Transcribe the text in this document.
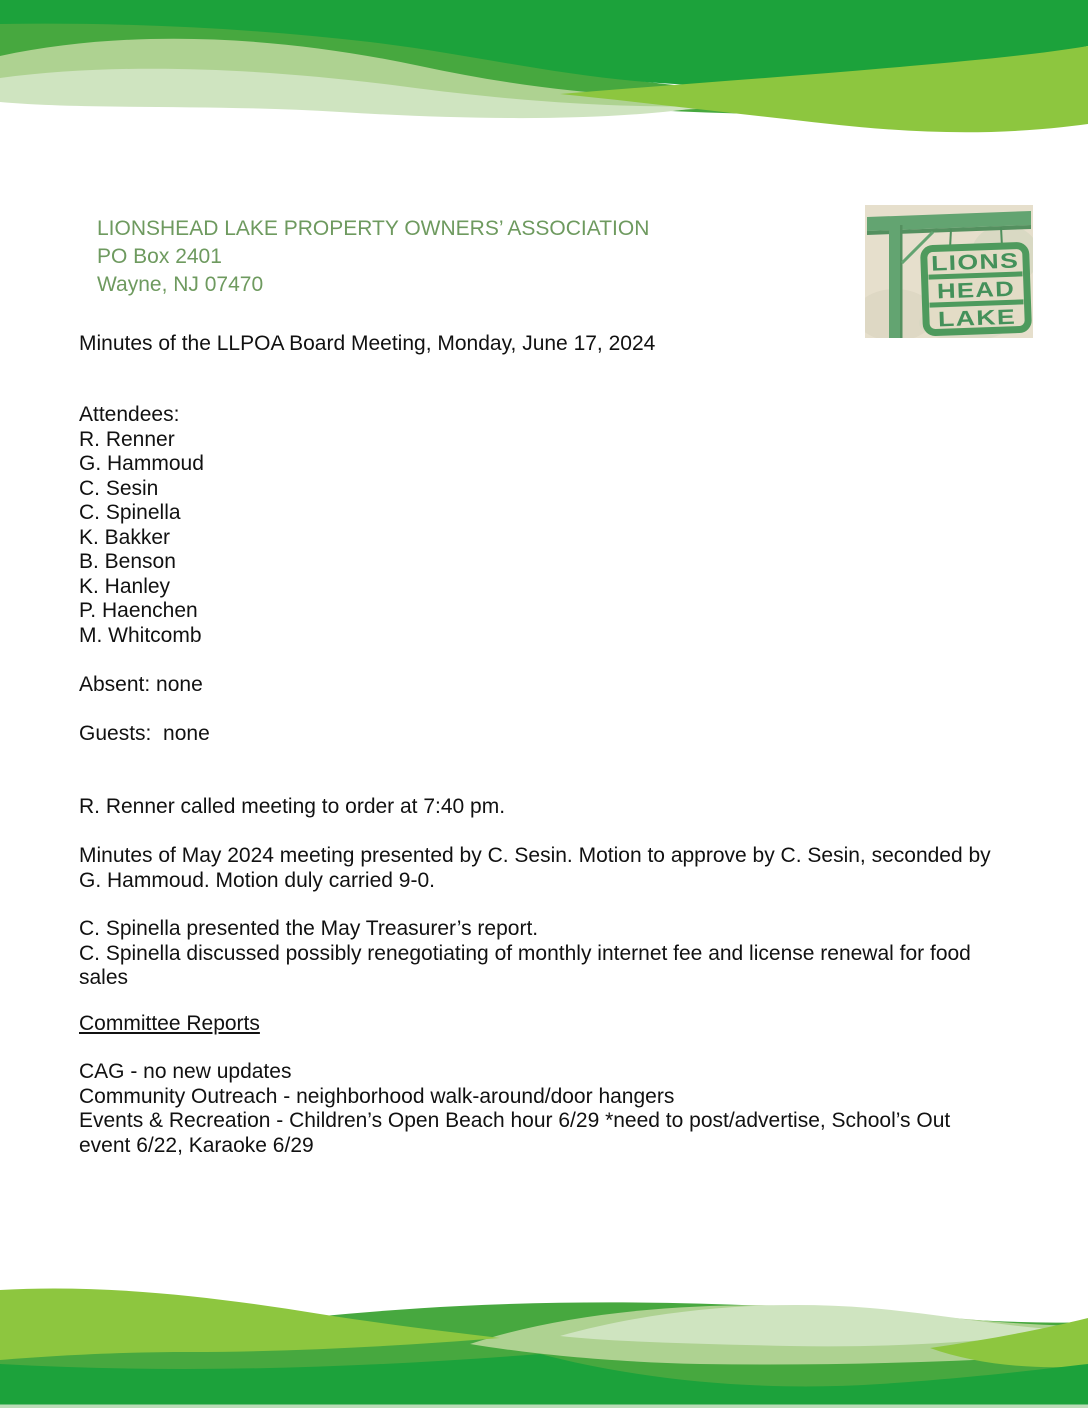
LIONSHEAD LAKE PROPERTY OWNERS’ ASSOCIATION
PO Box 2401
Wayne, NJ 07470
LIONS
HEAD
LAKE
Minutes of the LLPOA Board Meeting, Monday, June 17, 2024
Attendees:
R. Renner
G. Hammoud
C. Sesin
C. Spinella
K. Bakker
B. Benson
K. Hanley
P. Haenchen
M. Whitcomb
Absent: none
Guests:  none
R. Renner called meeting to order at 7:40 pm.
Minutes of May 2024 meeting presented by C. Sesin. Motion to approve by C. Sesin, seconded by
G. Hammoud. Motion duly carried 9-0.
C. Spinella presented the May Treasurer’s report.
C. Spinella discussed possibly renegotiating of monthly internet fee and license renewal for food
sales
Committee Reports
CAG - no new updates
Community Outreach - neighborhood walk-around/door hangers
Events & Recreation - Children’s Open Beach hour 6/29 *need to post/advertise, School’s Out
event 6/22, Karaoke 6/29
